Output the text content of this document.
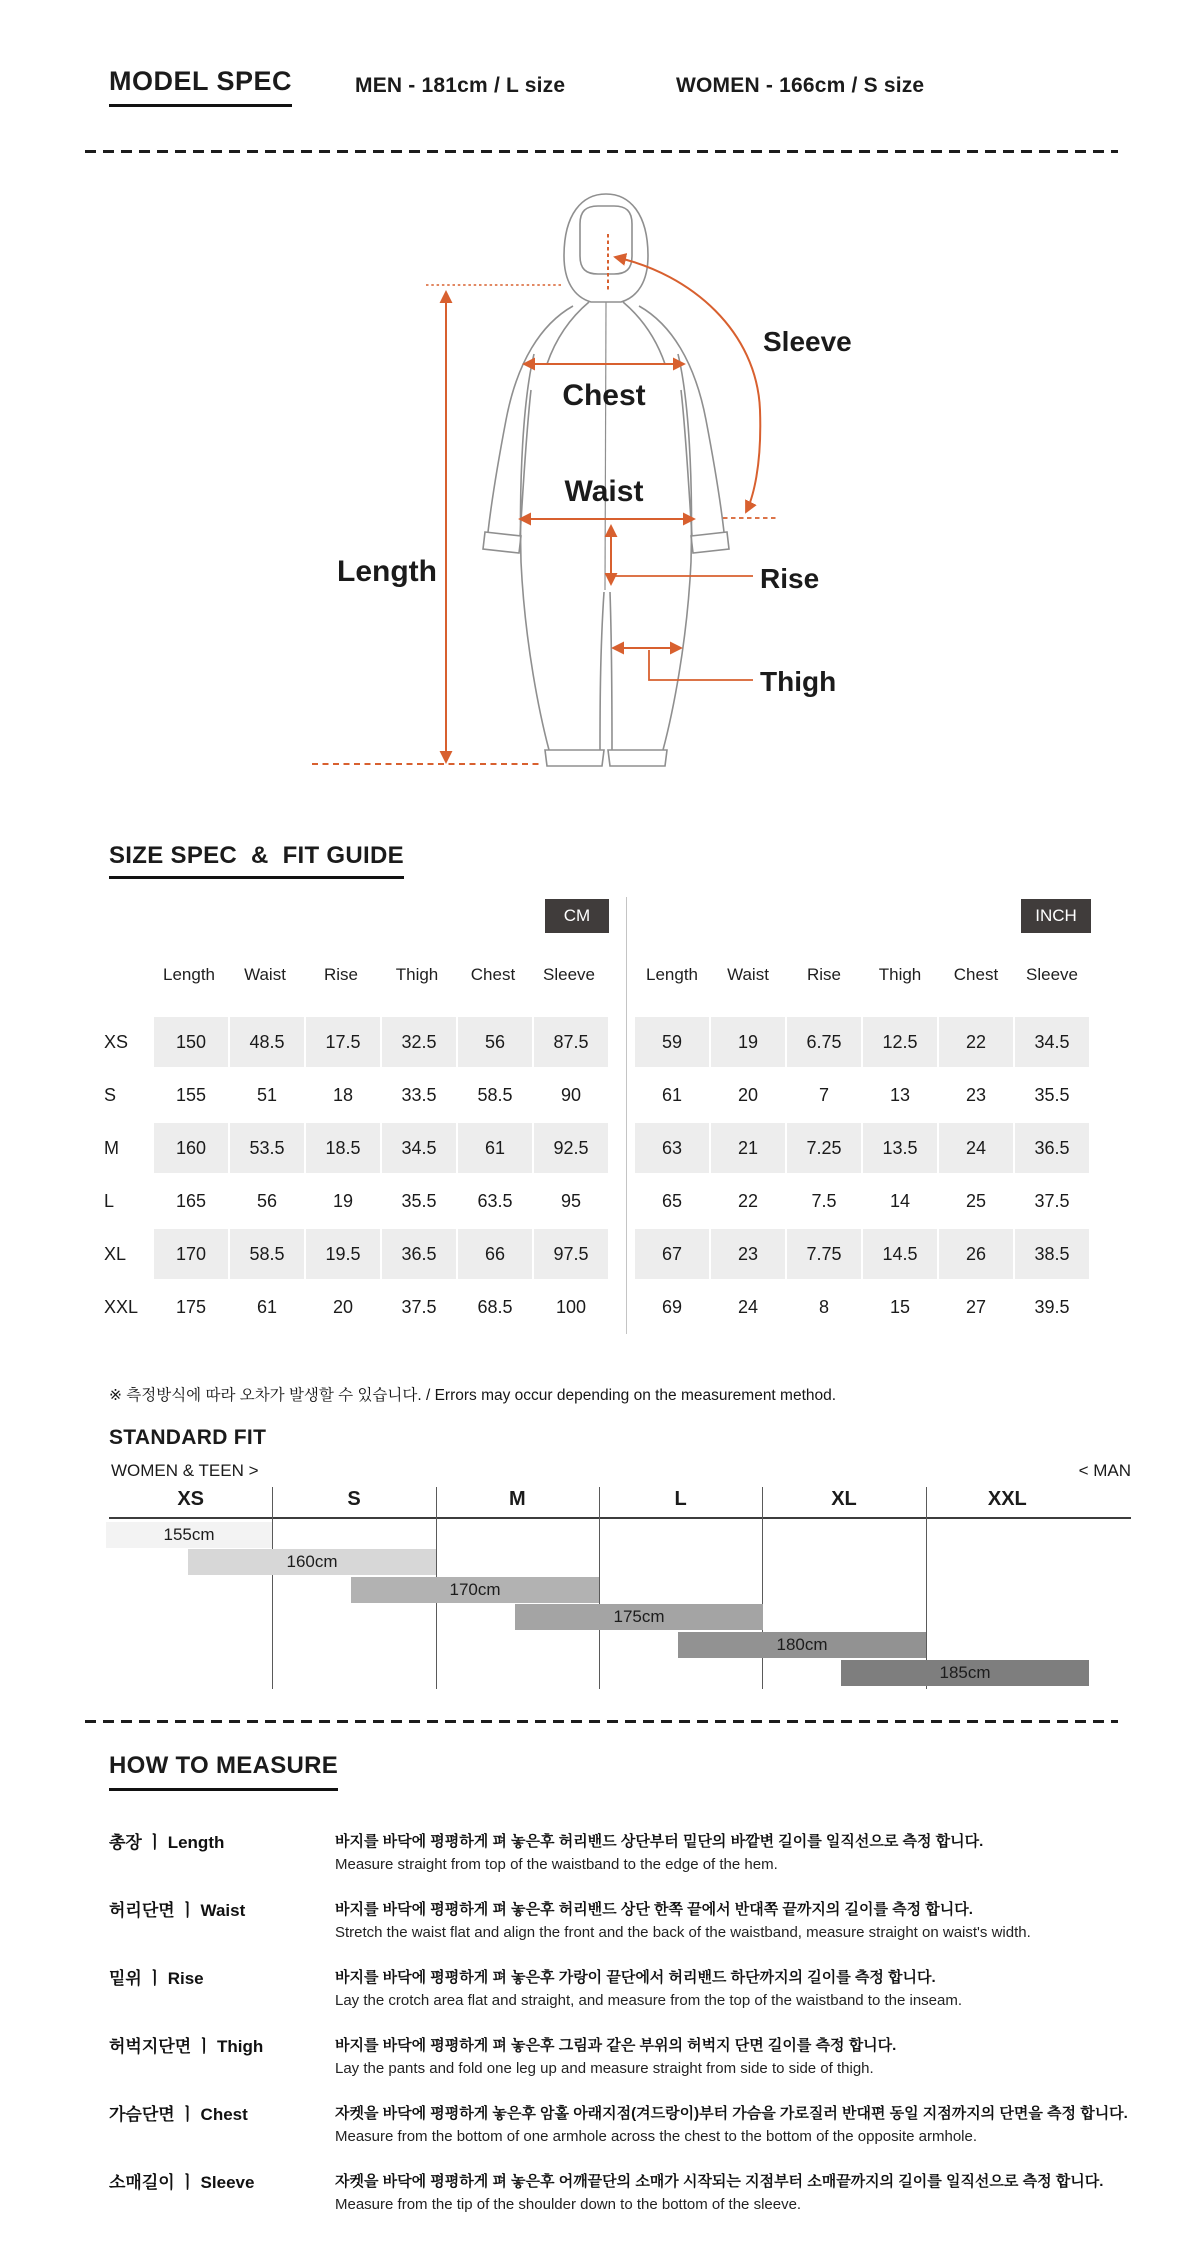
MODEL SPEC	MEN - 181cm / L size	WOMEN - 166cm / S size
Sleeve
Chest
Waist
Length	Rise
Thigh
SIZE SPEC  &  FIT GUIDE
CM	INCH
Length	Waist	Rise	Thigh	Chest	Sleeve
XS	150	48.5	17.5	32.5	56	87.5
S	155	51	18	33.5	58.5	90
M	160	53.5	18.5	34.5	61	92.5
L	165	56	19	35.5	63.5	95
XL	170	58.5	19.5	36.5	66	97.5
XXL	175	61	20	37.5	68.5	100
Length	Waist	Rise	Thigh	Chest	Sleeve
59	19	6.75	12.5	22	34.5
61	20	7	13	23	35.5
63	21	7.25	13.5	24	36.5
65	22	7.5	14	25	37.5
67	23	7.75	14.5	26	38.5
69	24	8	15	27	39.5
※ 측정방식에 따라 오차가 발생할 수 있습니다. / Errors may occur depending on the measurement method.
STANDARD FIT
WOMEN & TEEN >	< MAN
XS	S	M	L	XL	XXL
155cm
160cm
170cm
175cm
180cm
185cm
HOW TO MEASURE
총장 ㅣ Length	바지를 바닥에 평평하게 펴 놓은후 허리밴드 상단부터 밑단의 바깥변 길이를 일직선으로 측정 합니다.
Measure straight from top of the waistband to the edge of the hem.
허리단면 ㅣ Waist	바지를 바닥에 평평하게 펴 놓은후 허리밴드 상단 한쪽 끝에서 반대쪽 끝까지의 길이를 측정 합니다.
Stretch the waist flat and align the front and the back of the waistband, measure straight on waist's width.
밑위 ㅣ Rise	바지를 바닥에 평평하게 펴 놓은후 가랑이 끝단에서 허리밴드 하단까지의 길이를 측정 합니다.
Lay the crotch area flat and straight, and measure from the top of the waistband to the inseam.
허벅지단면 ㅣ Thigh	바지를 바닥에 평평하게 펴 놓은후 그림과 같은 부위의 허벅지 단면 길이를 측정 합니다.
Lay the pants and fold one leg up and measure straight from side to side of thigh.
가슴단면 ㅣ Chest	자켓을 바닥에 평평하게 놓은후 암홀 아래지점(겨드랑이)부터 가슴을 가로질러 반대편 동일 지점까지의 단면을 측정 합니다.
Measure from the bottom of one armhole across the chest to the bottom of the opposite armhole.
소매길이 ㅣ Sleeve	자켓을 바닥에 평평하게 펴 놓은후 어깨끝단의 소매가 시작되는 지점부터 소매끝까지의 길이를 일직선으로 측정 합니다.
Measure from the tip of the shoulder down to the bottom of the sleeve.
